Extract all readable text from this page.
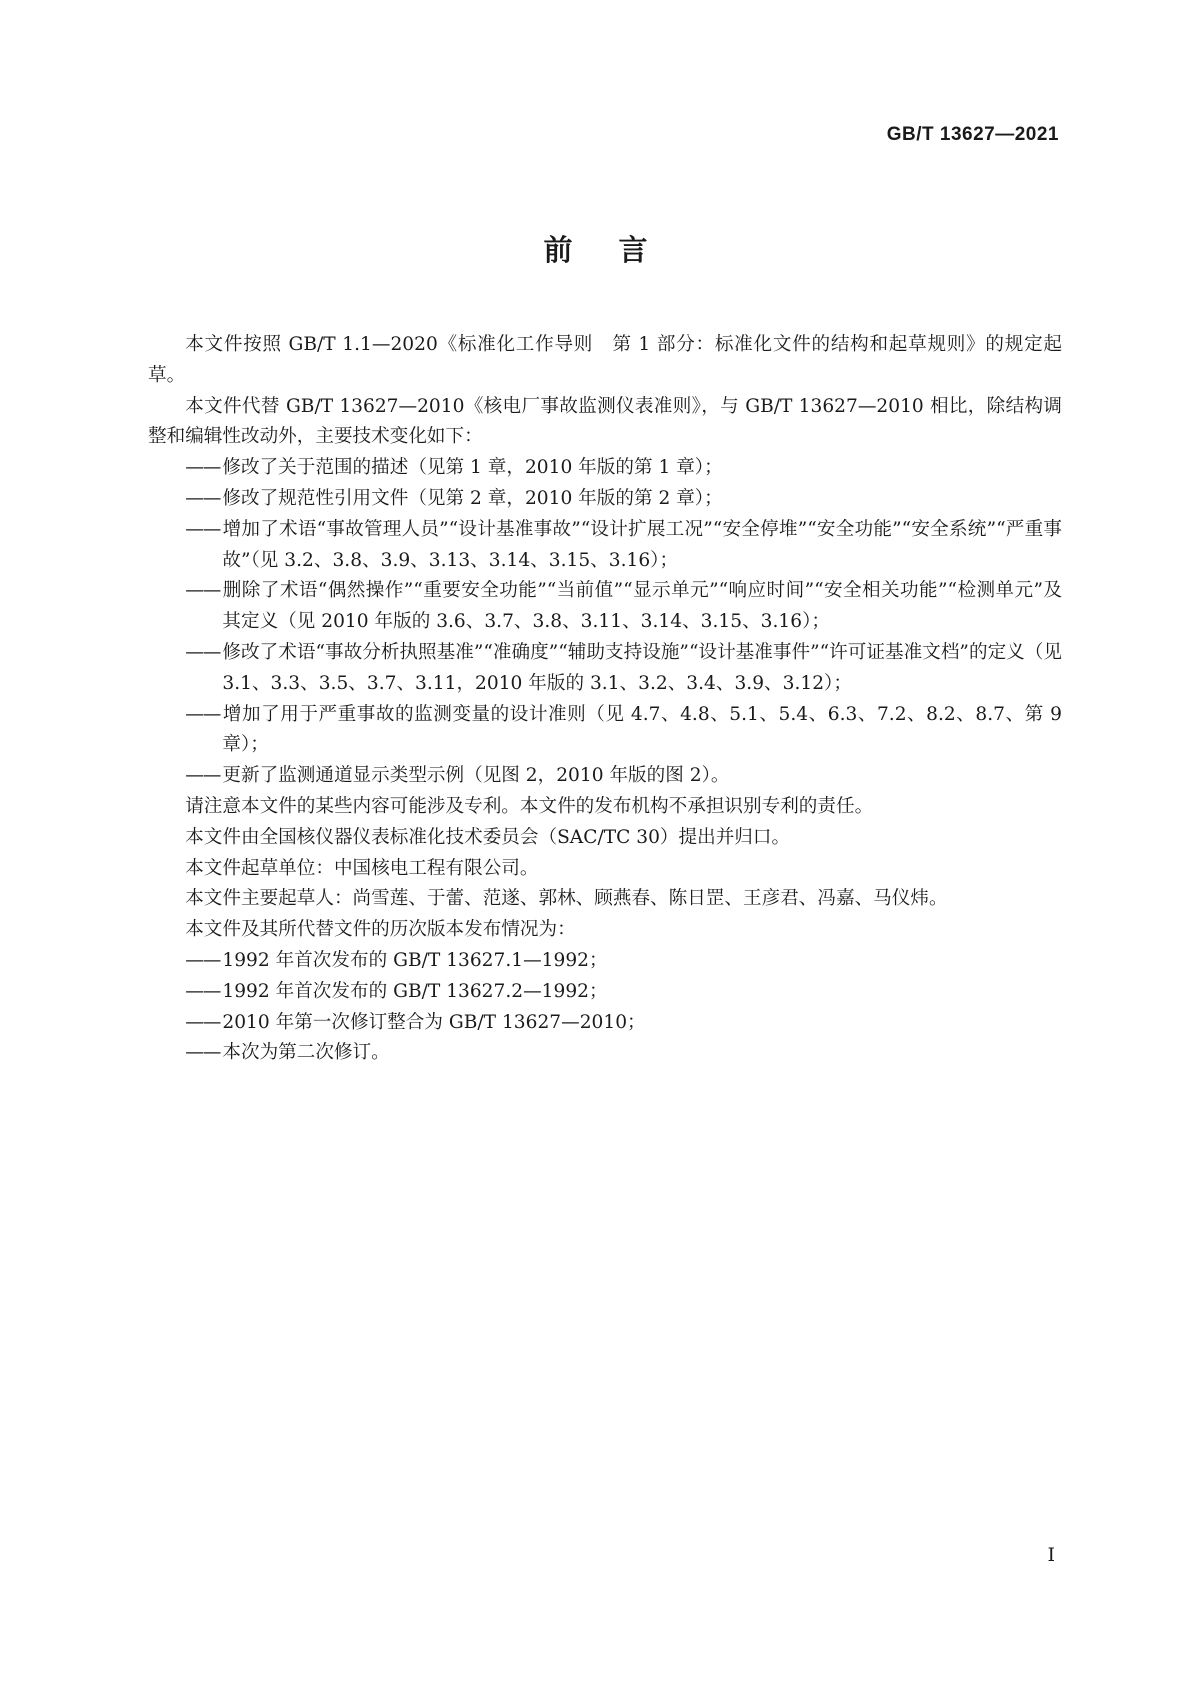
GB/T 13627—2021
前言

本文件按照 GB/T 1.1—2020《标准化工作导则　第 1 部分：标准化文件的结构和起草规则》的规定起草。

本文件代替 GB/T 13627—2010《核电厂事故监测仪表准则》，与 GB/T 13627—2010 相比，除结构调整和编辑性改动外，主要技术变化如下：

—— 修改了关于范围的描述（见第 1 章，2010 年版的第 1 章）；

—— 修改了规范性引用文件（见第 2 章，2010 年版的第 2 章）；

—— 增加了术语“事故管理人员”“设计基准事故”“设计扩展工况”“安全停堆”“安全功能”“安全系统”“严重事故”（见 3.2、3.8、3.9、3.13、3.14、3.15、3.16）；

—— 删除了术语“偶然操作”“重要安全功能”“当前值”“显示单元”“响应时间”“安全相关功能”“检测单元”及其定义（见 2010 年版的 3.6、3.7、3.8、3.11、3.14、3.15、3.16）；

—— 修改了术语“事故分析执照基准”“准确度”“辅助支持设施”“设计基准事件”“许可证基准文档”的定义（见 3.1、3.3、3.5、3.7、3.11，2010 年版的 3.1、3.2、3.4、3.9、3.12）；

—— 增加了用于严重事故的监测变量的设计准则（见 4.7、4.8、5.1、5.4、6.3、7.2、8.2、8.7、第 9 章）；

—— 更新了监测通道显示类型示例（见图 2，2010 年版的图 2）。

请注意本文件的某些内容可能涉及专利。本文件的发布机构不承担识别专利的责任。

本文件由全国核仪器仪表标准化技术委员会（SAC/TC 30）提出并归口。

本文件起草单位：中国核电工程有限公司。

本文件主要起草人：尚雪莲、于蕾、范遂、郭林、顾燕春、陈日罡、王彦君、冯嘉、马仪炜。

本文件及其所代替文件的历次版本发布情况为：

—— 1992 年首次发布的 GB/T 13627.1—1992；

—— 1992 年首次发布的 GB/T 13627.2—1992；

—— 2010 年第一次修订整合为 GB/T 13627—2010；

—— 本次为第二次修订。

I
